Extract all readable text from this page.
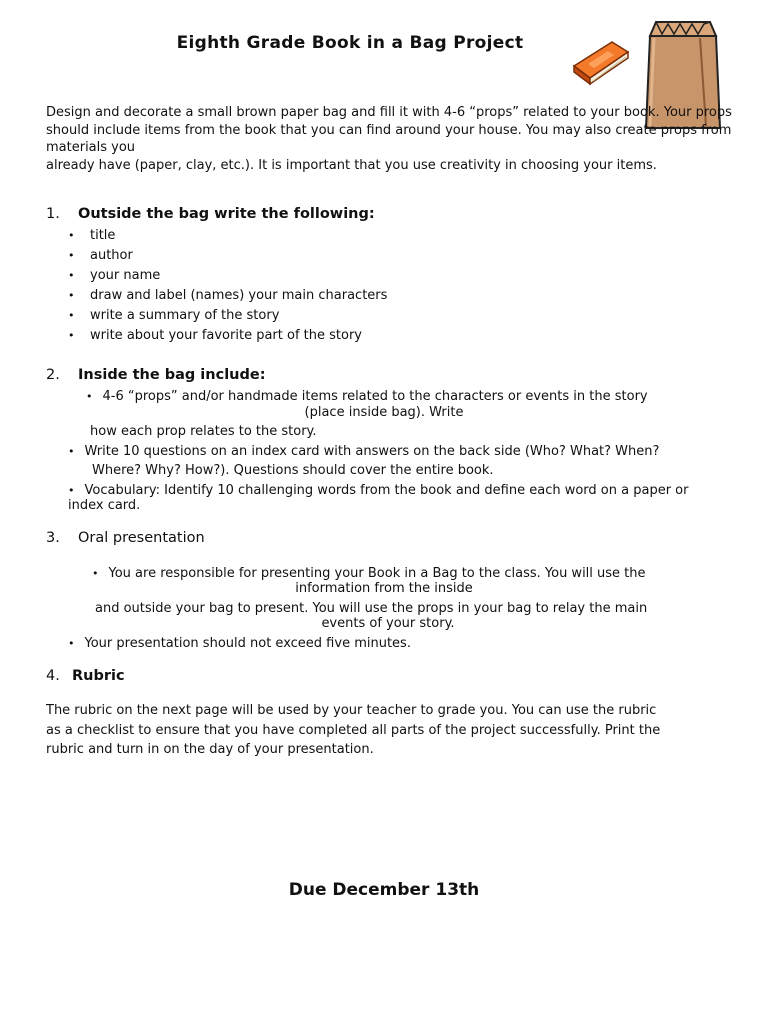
Eighth Grade Book in a Bag Project
Design and decorate a small brown paper bag and fill it with 4-6 “props” related to your book. Your props
should include items from the book that you can find around your house. You may also create props from materials you
already have (paper, clay, etc.). It is important that you use creativity in choosing your items.
1. Outside the bag write the following:
• title
• author
• your name
• draw and label (names) your main characters
• write a summary of the story
• write about your favorite part of the story
2. Inside the bag include:
• 4-6 “props” and/or handmade items related to the characters or events in the story
(place inside bag). Write
how each prop relates to the story.
• Write 10 questions on an index card with answers on the back side (Who? What? When?
Where? Why? How?). Questions should cover the entire book.
• Vocabulary: Identify 10 challenging words from the book and define each word on a paper or
index card.
3. Oral presentation
• You are responsible for presenting your Book in a Bag to the class. You will use the
information from the inside
and outside your bag to present. You will use the props in your bag to relay the main
events of your story.
• Your presentation should not exceed five minutes.
4. Rubric
The rubric on the next page will be used by your teacher to grade you. You can use the rubric
as a checklist to ensure that you have completed all parts of the project successfully. Print the
rubric and turn in on the day of your presentation.
Due December 13th
